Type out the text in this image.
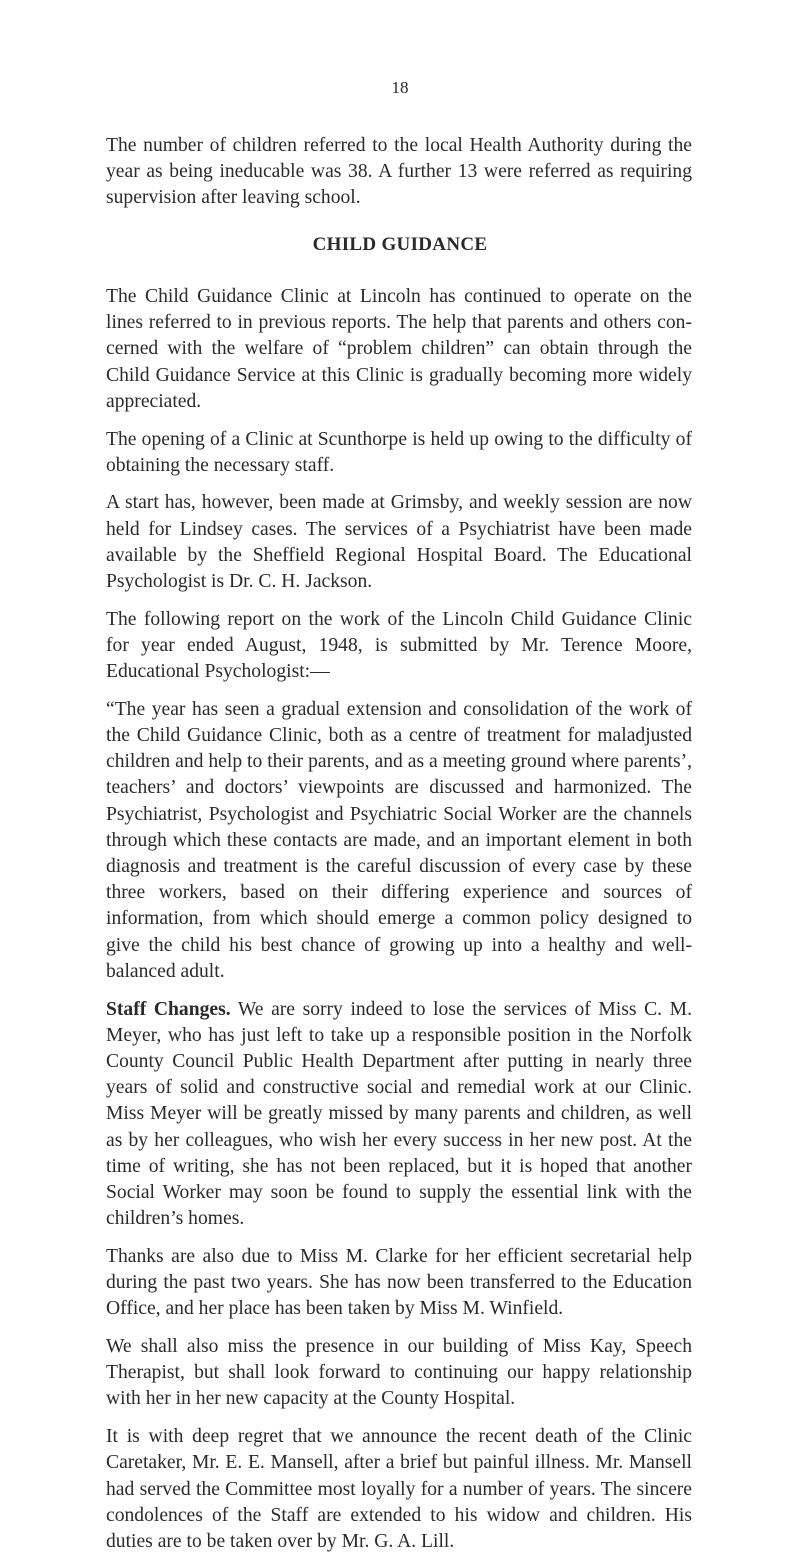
18

The number of children referred to the local Health Authority during the year as being ineducable was 38. A further 13 were referred as requiring supervision after leaving school.

CHILD GUIDANCE

The Child Guidance Clinic at Lincoln has continued to operate on the lines referred to in previous reports. The help that parents and others concerned with the welfare of “problem children” can obtain through the Child Guidance Service at this Clinic is gradually becoming more widely appreciated.

The opening of a Clinic at Scunthorpe is held up owing to the difficulty of obtaining the necessary staff.

A start has, however, been made at Grimsby, and weekly session are now held for Lindsey cases. The services of a Psychiatrist have been made available by the Sheffield Regional Hospital Board. The Educational Psychologist is Dr. C. H. Jackson.

The following report on the work of the Lincoln Child Guidance Clinic for year ended August, 1948, is submitted by Mr. Terence Moore, Educational Psychologist:—

“The year has seen a gradual extension and consolidation of the work of the Child Guidance Clinic, both as a centre of treatment for maladjusted children and help to their parents, and as a meeting ground where parents’, teachers’ and doctors’ viewpoints are discussed and harmonized. The Psychiatrist, Psychologist and Psychiatric Social Worker are the channels through which these contacts are made, and an important element in both diagnosis and treatment is the careful discussion of every case by these three workers, based on their differing experience and sources of information, from which should emerge a common policy designed to give the child his best chance of growing up into a healthy and well-balanced adult.

Staff Changes. We are sorry indeed to lose the services of Miss C. M. Meyer, who has just left to take up a responsible position in the Norfolk County Council Public Health Department after putting in nearly three years of solid and constructive social and remedial work at our Clinic. Miss Meyer will be greatly missed by many parents and children, as well as by her colleagues, who wish her every success in her new post. At the time of writing, she has not been replaced, but it is hoped that another Social Worker may soon be found to supply the essential link with the children’s homes.

Thanks are also due to Miss M. Clarke for her efficient secretarial help during the past two years. She has now been transferred to the Education Office, and her place has been taken by Miss M. Winfield.

We shall also miss the presence in our building of Miss Kay, Speech Therapist, but shall look forward to continuing our happy relationship with her in her new capacity at the County Hospital.

It is with deep regret that we announce the recent death of the Clinic Caretaker, Mr. E. E. Mansell, after a brief but painful illness. Mr. Mansell had served the Committee most loyally for a number of years. The sincere condolences of the Staff are extended to his widow and children. His duties are to be taken over by Mr. G. A. Lill.
